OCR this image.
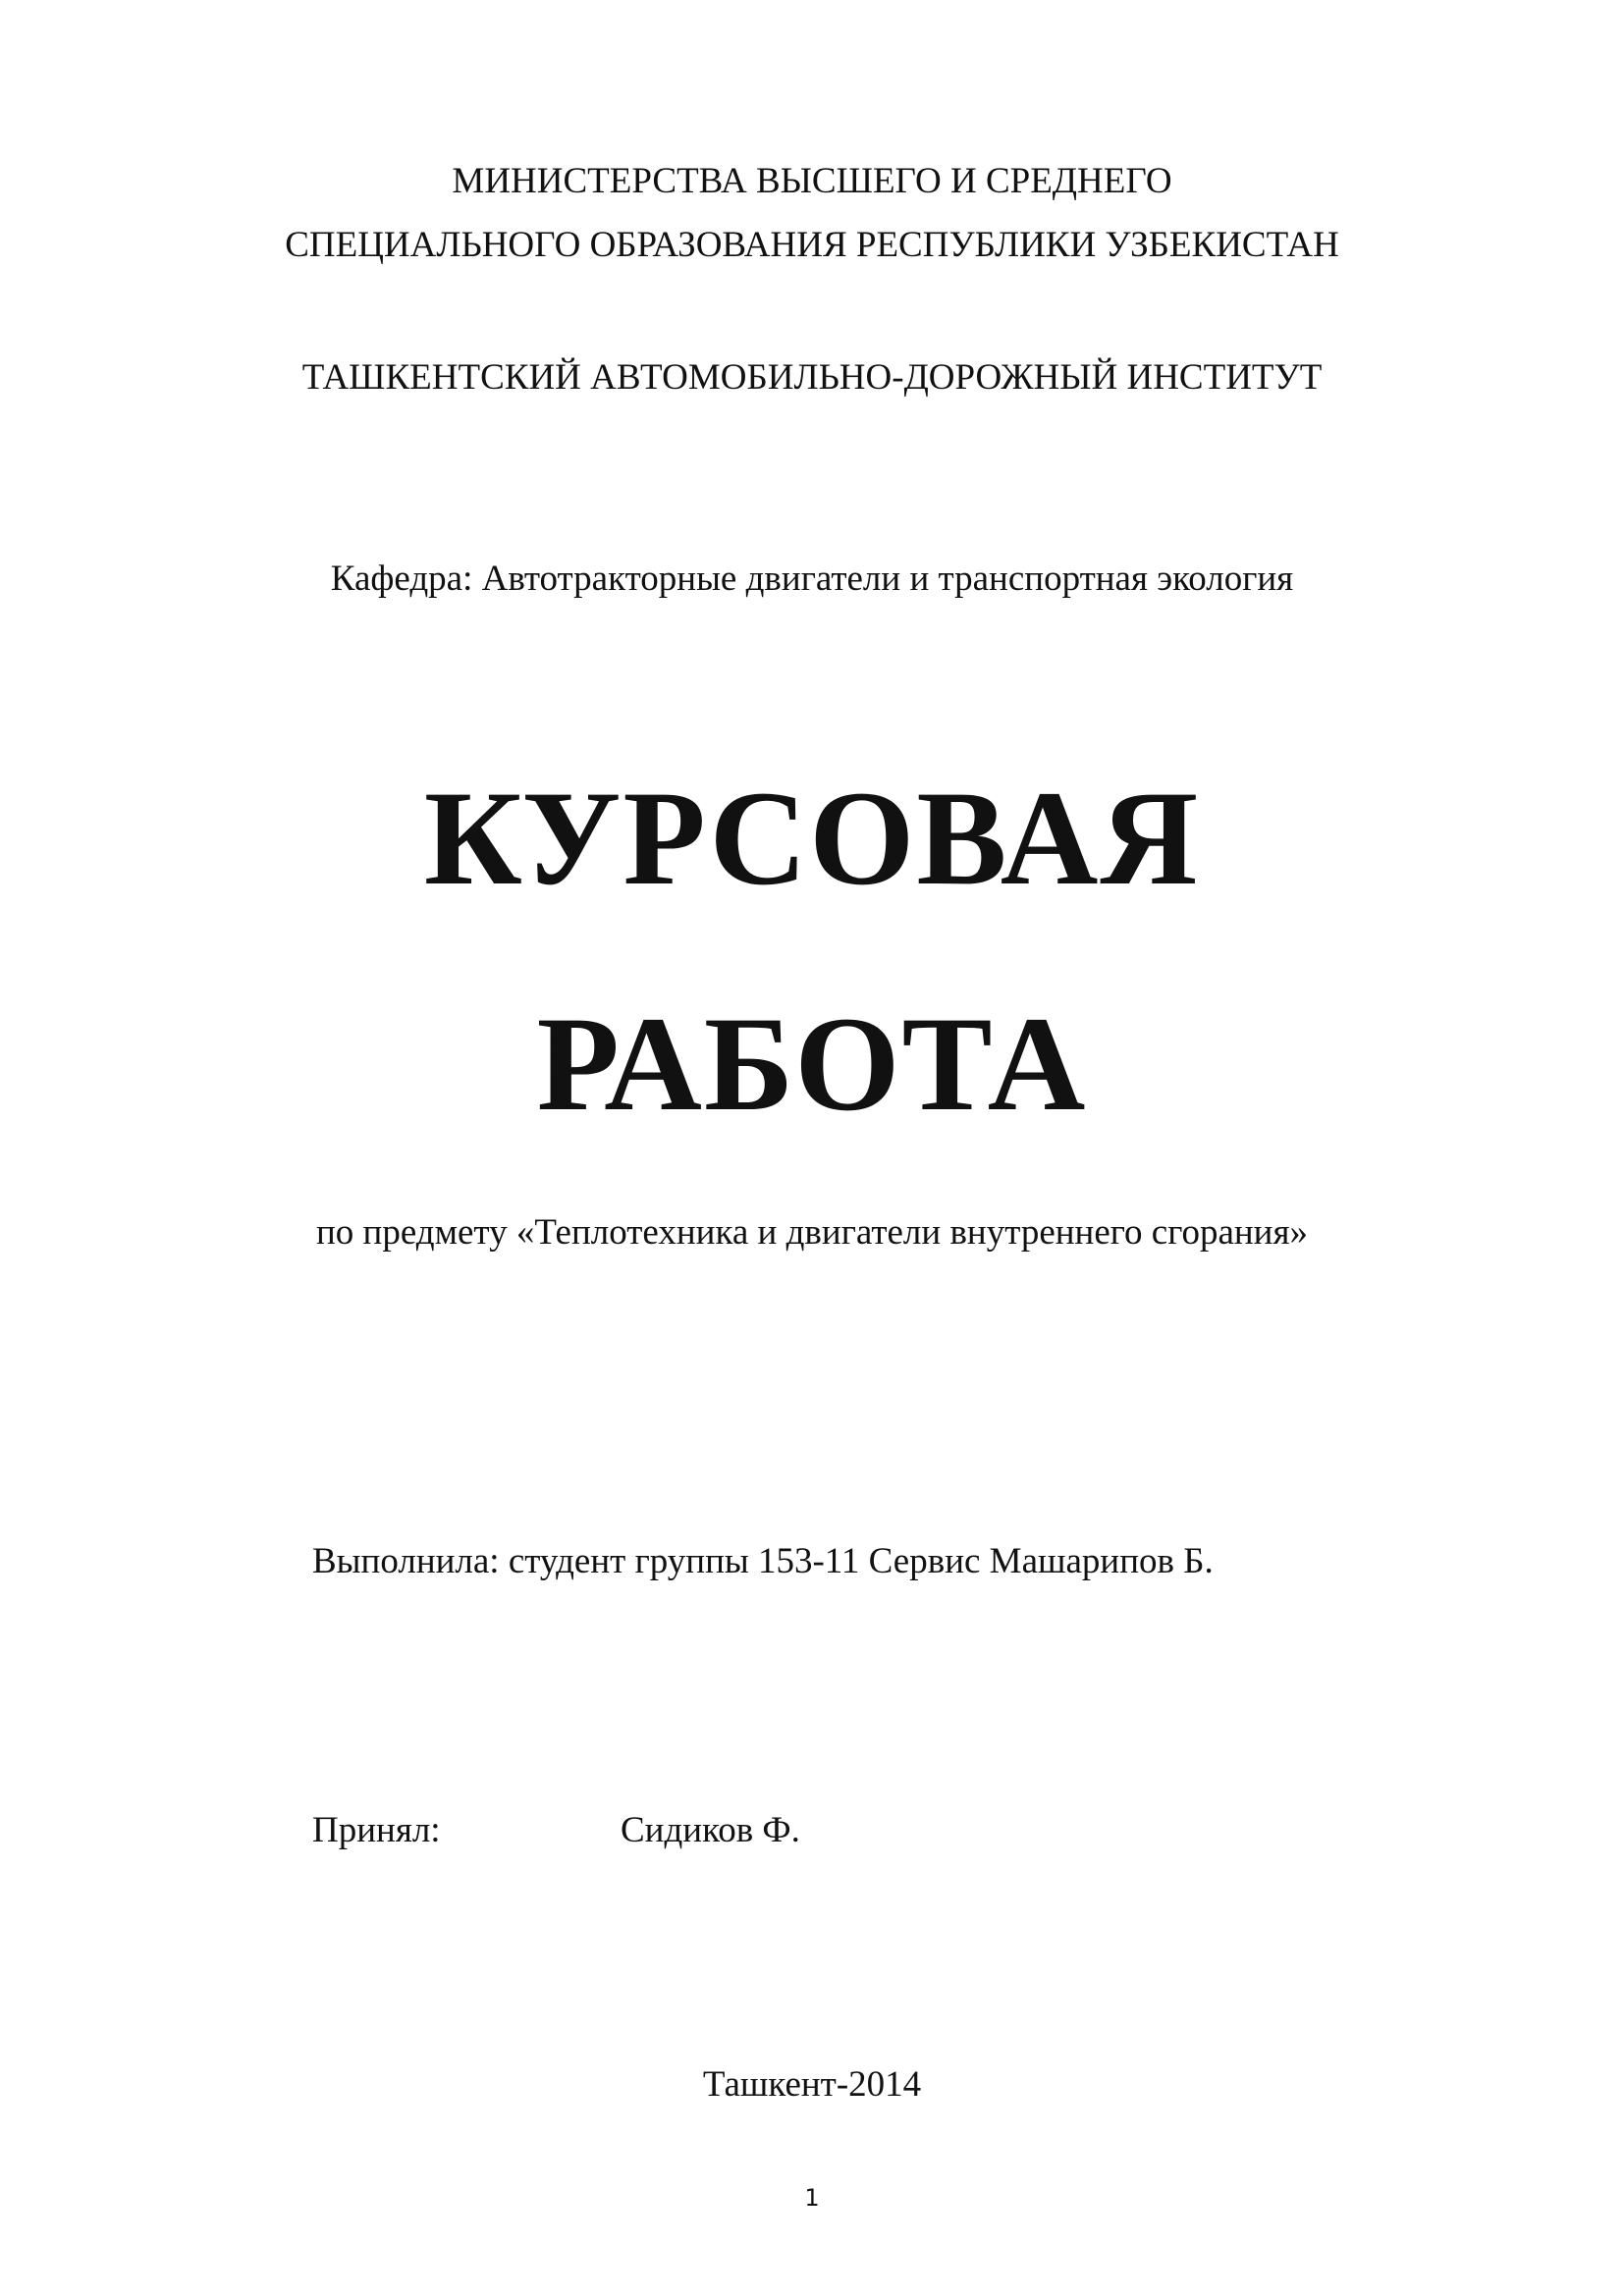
МИНИСТЕРСТВА ВЫСШЕГО И СРЕДНЕГО
СПЕЦИАЛЬНОГО ОБРАЗОВАНИЯ РЕСПУБЛИКИ УЗБЕКИСТАН
ТАШКЕНТСКИЙ АВТОМОБИЛЬНО-ДОРОЖНЫЙ ИНСТИТУТ
Кафедра: Автотракторные двигатели и транспортная экология
КУРСОВАЯ
РАБОТА
по предмету «Теплотехника и двигатели внутреннего сгорания»
Выполнила: студент группы 153-11 Сервис Машарипов Б.
Принял:	Сидиков Ф.
Ташкент-2014
1
